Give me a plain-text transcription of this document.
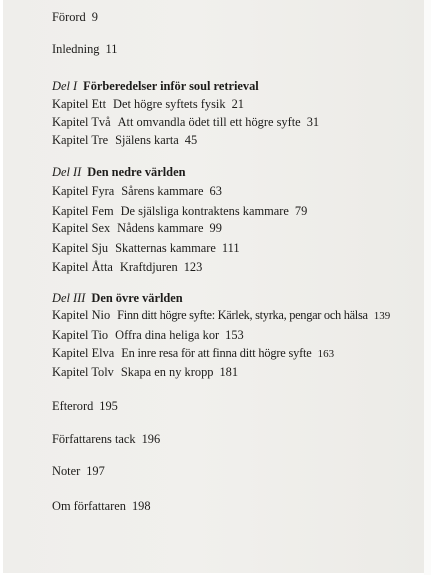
Förord 9
Inledning 11
Del I Förberedelser inför soul retrieval
Kapitel Ett Det högre syftets fysik 21
Kapitel Två Att omvandla ödet till ett högre syfte 31
Kapitel Tre Själens karta 45
Del II Den nedre världen
Kapitel Fyra Sårens kammare 63
Kapitel Fem De själsliga kontraktens kammare 79
Kapitel Sex Nådens kammare 99
Kapitel Sju Skatternas kammare 111
Kapitel Åtta Kraftdjuren 123
Del III Den övre världen
Kapitel Nio Finn ditt högre syfte: Kärlek, styrka, pengar och hälsa 139
Kapitel Tio Offra dina heliga kor 153
Kapitel Elva En inre resa för att finna ditt högre syfte 163
Kapitel Tolv Skapa en ny kropp 181
Efterord 195
Författarens tack 196
Noter 197
Om författaren 198
